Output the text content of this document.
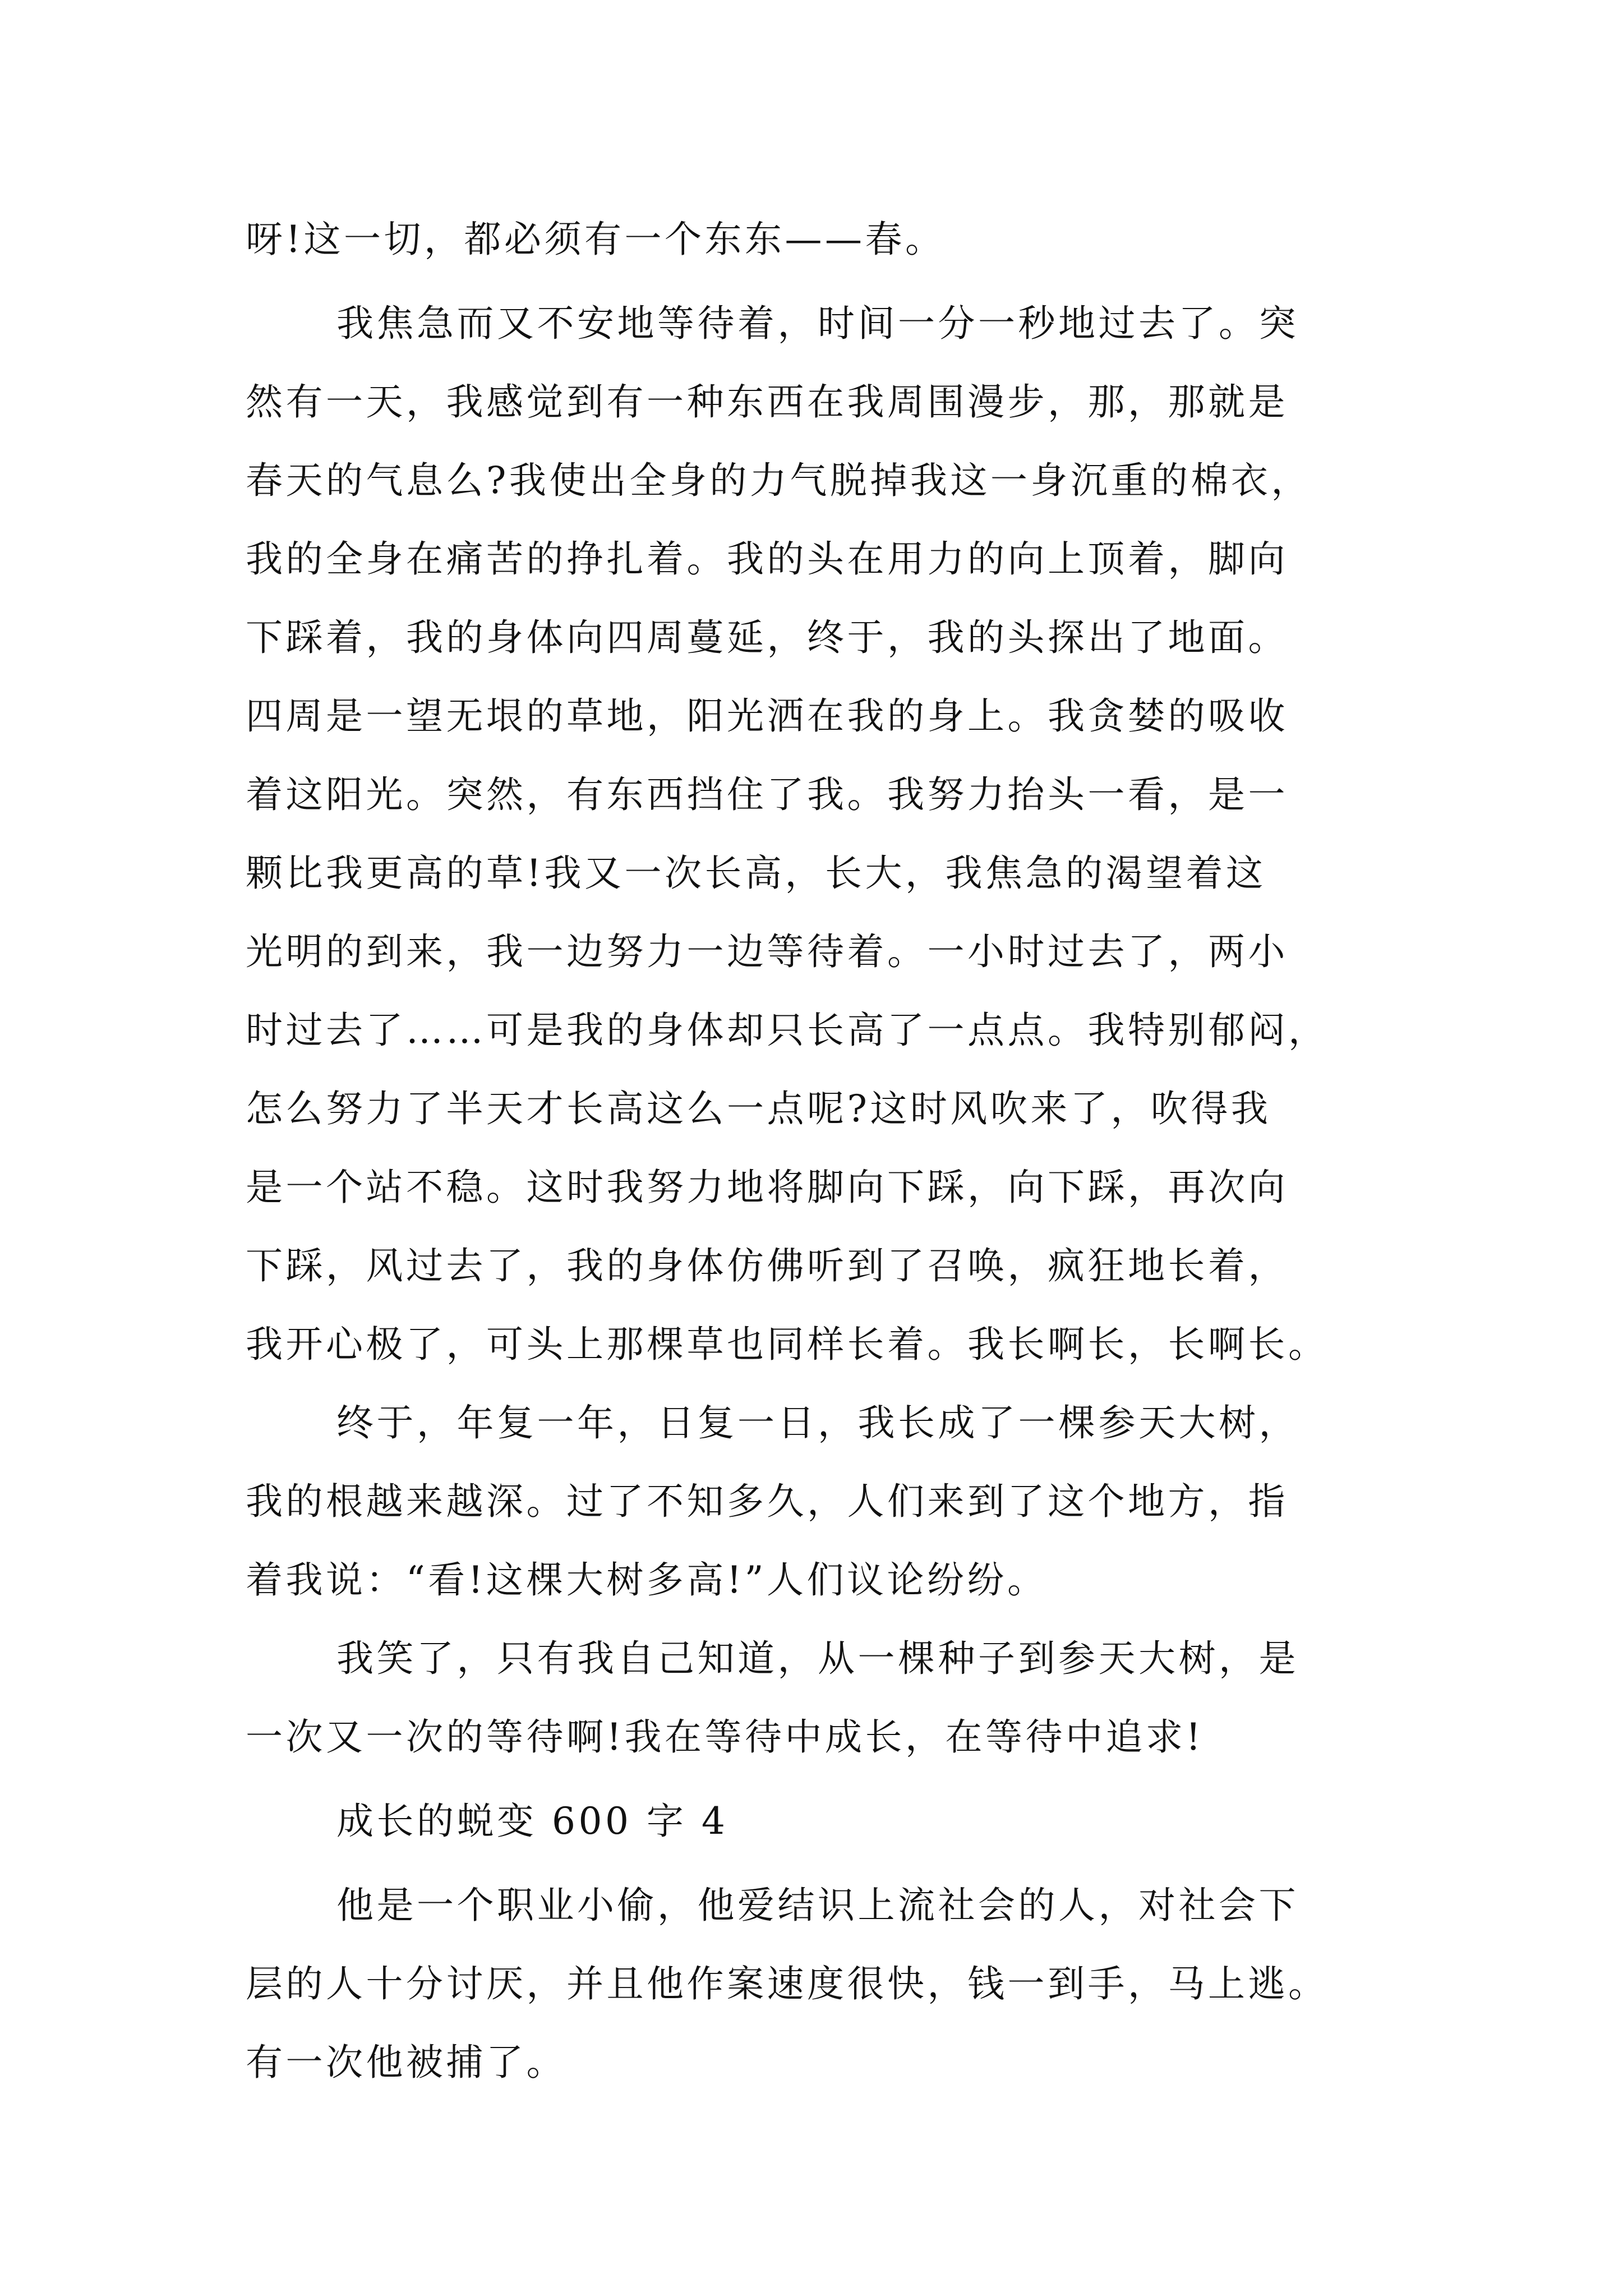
呀!这一切，都必须有一个东东——春。
我焦急而又不安地等待着，时间一分一秒地过去了。突
然有一天，我感觉到有一种东西在我周围漫步，那，那就是
春天的气息么?我使出全身的力气脱掉我这一身沉重的棉衣，
我的全身在痛苦的挣扎着。我的头在用力的向上顶着，脚向
下踩着，我的身体向四周蔓延，终于，我的头探出了地面。
四周是一望无垠的草地，阳光洒在我的身上。我贪婪的吸收
着这阳光。突然，有东西挡住了我。我努力抬头一看，是一
颗比我更高的草!我又一次长高，长大，我焦急的渴望着这
光明的到来，我一边努力一边等待着。一小时过去了，两小
时过去了……可是我的身体却只长高了一点点。我特别郁闷，
怎么努力了半天才长高这么一点呢?这时风吹来了，吹得我
是一个站不稳。这时我努力地将脚向下踩，向下踩，再次向
下踩，风过去了，我的身体仿佛听到了召唤，疯狂地长着，
我开心极了，可头上那棵草也同样长着。我长啊长，长啊长。
终于，年复一年，日复一日，我长成了一棵参天大树，
我的根越来越深。过了不知多久，人们来到了这个地方，指
着我说：“看!这棵大树多高!”人们议论纷纷。
我笑了，只有我自己知道，从一棵种子到参天大树，是
一次又一次的等待啊!我在等待中成长，在等待中追求!
成长的蜕变 600 字 4
他是一个职业小偷，他爱结识上流社会的人，对社会下
层的人十分讨厌，并且他作案速度很快，钱一到手，马上逃。
有一次他被捕了。
